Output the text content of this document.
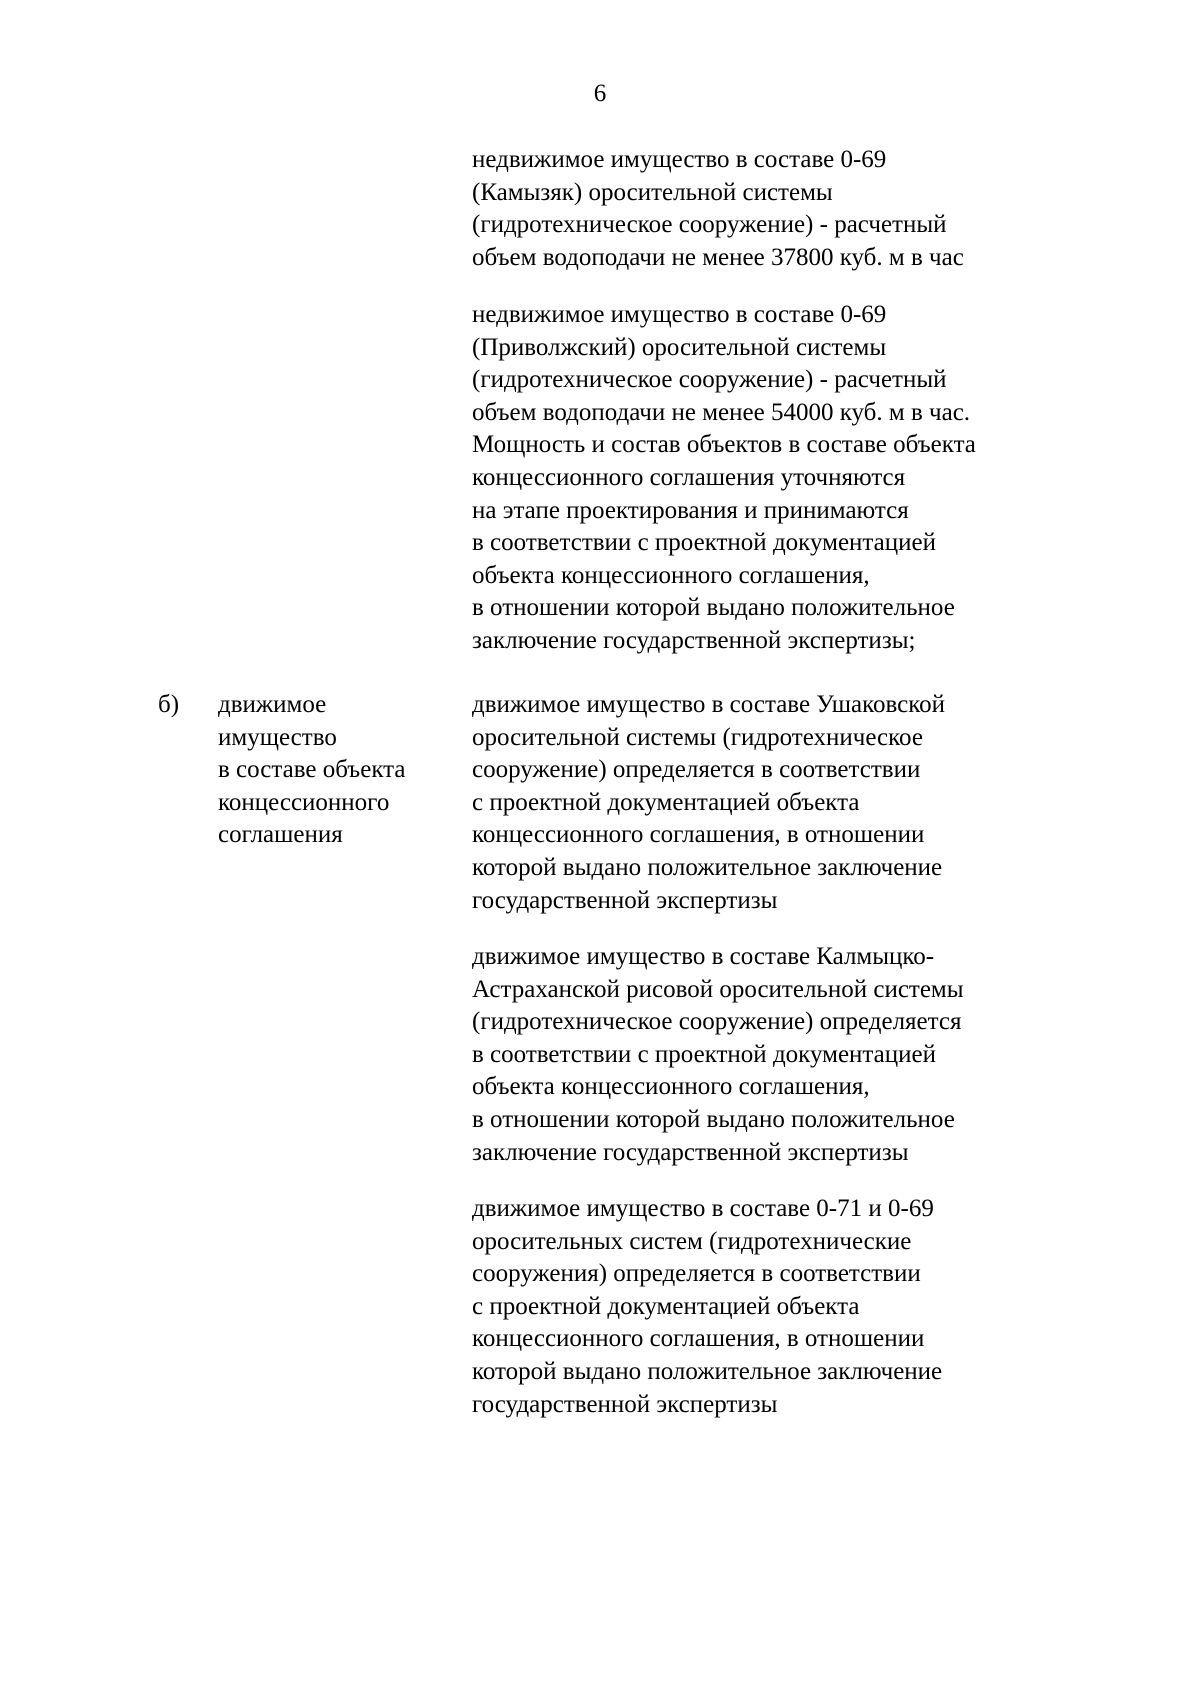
6

недвижимое имущество в составе 0-69
(Камызяк) оросительной системы
(гидротехническое сооружение) - расчетный
объем водоподачи не менее 37800 куб. м в час

недвижимое имущество в составе 0-69
(Приволжский) оросительной системы
(гидротехническое сооружение) - расчетный
объем водоподачи не менее 54000 куб. м в час.
Мощность и состав объектов в составе объекта
концессионного соглашения уточняются
на этапе проектирования и принимаются
в соответствии с проектной документацией
объекта концессионного соглашения,
в отношении которой выдано положительное
заключение государственной экспертизы;

б) движимое
имущество
в составе объекта
концессионного
соглашения

движимое имущество в составе Ушаковской
оросительной системы (гидротехническое
сооружение) определяется в соответствии
с проектной документацией объекта
концессионного соглашения, в отношении
которой выдано положительное заключение
государственной экспертизы

движимое имущество в составе Калмыцко-
Астраханской рисовой оросительной системы
(гидротехническое сооружение) определяется
в соответствии с проектной документацией
объекта концессионного соглашения,
в отношении которой выдано положительное
заключение государственной экспертизы

движимое имущество в составе 0-71 и 0-69
оросительных систем (гидротехнические
сооружения) определяется в соответствии
с проектной документацией объекта
концессионного соглашения, в отношении
которой выдано положительное заключение
государственной экспертизы
